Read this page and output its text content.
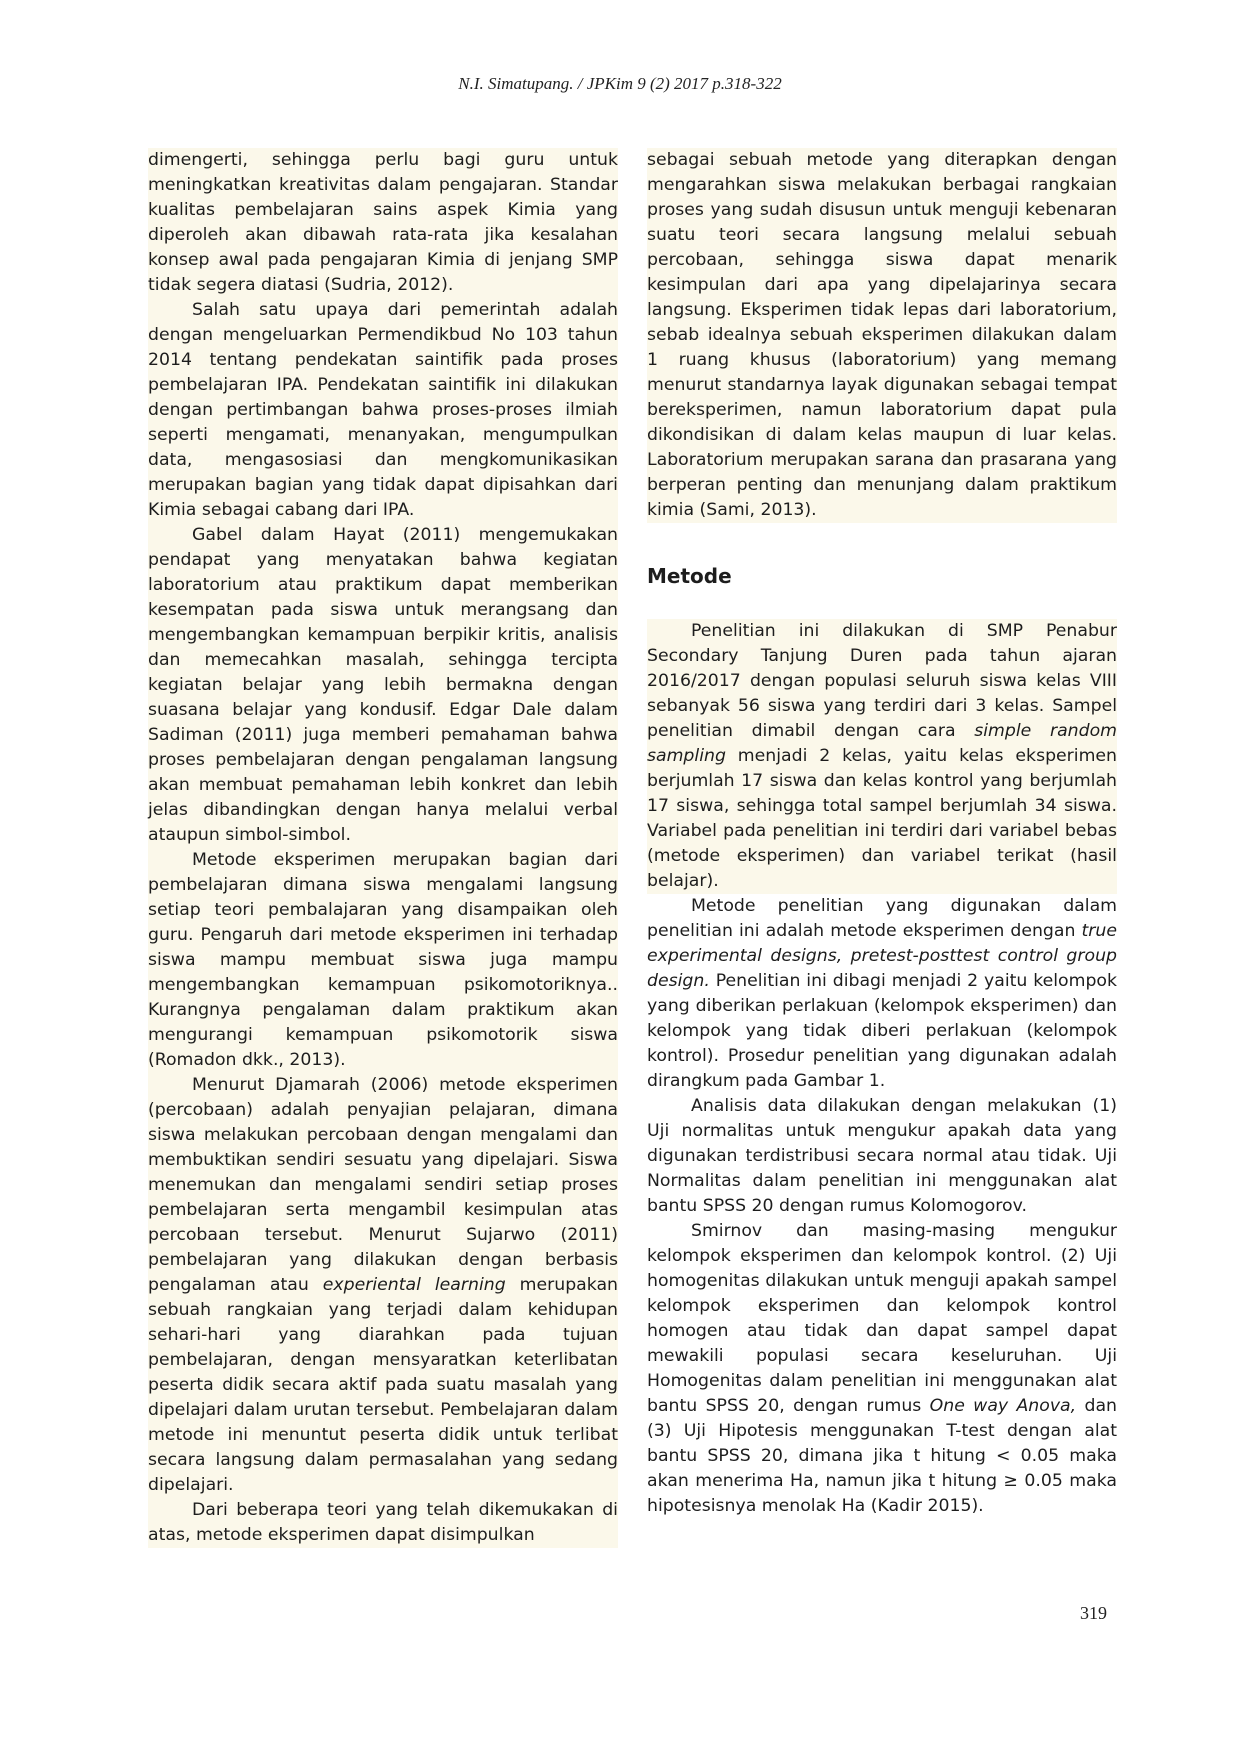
N.I. Simatupang. / JPKim 9 (2) 2017 p.318-322

dimengerti, sehingga perlu bagi guru untuk meningkatkan kreativitas dalam pengajaran. Standar kualitas pembelajaran sains aspek Kimia yang diperoleh akan dibawah rata-rata jika kesalahan konsep awal pada pengajaran Kimia di jenjang SMP tidak segera diatasi (Sudria, 2012).

Salah satu upaya dari pemerintah adalah dengan mengeluarkan Permendikbud No 103 tahun 2014 tentang pendekatan saintifik pada proses pembelajaran IPA. Pendekatan saintifik ini dilakukan dengan pertimbangan bahwa proses-proses ilmiah seperti mengamati, menanyakan, mengumpulkan data, mengasosiasi dan mengkomunikasikan merupakan bagian yang tidak dapat dipisahkan dari Kimia sebagai cabang dari IPA.

Gabel dalam Hayat (2011) mengemukakan pendapat yang menyatakan bahwa kegiatan laboratorium atau praktikum dapat memberikan kesempatan pada siswa untuk merangsang dan mengembangkan kemampuan berpikir kritis, analisis dan memecahkan masalah, sehingga tercipta kegiatan belajar yang lebih bermakna dengan suasana belajar yang kondusif. Edgar Dale dalam Sadiman (2011) juga memberi pemahaman bahwa proses pembelajaran dengan pengalaman langsung akan membuat pemahaman lebih konkret dan lebih jelas dibandingkan dengan hanya melalui verbal ataupun simbol-simbol.

Metode eksperimen merupakan bagian dari pembelajaran dimana siswa mengalami langsung setiap teori pembalajaran yang disampaikan oleh guru. Pengaruh dari metode eksperimen ini terhadap siswa mampu membuat siswa juga mampu mengembangkan kemampuan psikomotoriknya.. Kurangnya pengalaman dalam praktikum akan mengurangi kemampuan psikomotorik siswa (Romadon dkk., 2013).

Menurut Djamarah (2006) metode eksperimen (percobaan) adalah penyajian pelajaran, dimana siswa melakukan percobaan dengan mengalami dan membuktikan sendiri sesuatu yang dipelajari. Siswa menemukan dan mengalami sendiri setiap proses pembelajaran serta mengambil kesimpulan atas percobaan tersebut. Menurut Sujarwo (2011) pembelajaran yang dilakukan dengan berbasis pengalaman atau experiental learning merupakan sebuah rangkaian yang terjadi dalam kehidupan sehari-hari yang diarahkan pada tujuan pembelajaran, dengan mensyaratkan keterlibatan peserta didik secara aktif pada suatu masalah yang dipelajari dalam urutan tersebut. Pembelajaran dalam metode ini menuntut peserta didik untuk terlibat secara langsung dalam permasalahan yang sedang dipelajari.

Dari beberapa teori yang telah dikemukakan di atas, metode eksperimen dapat disimpulkan

sebagai sebuah metode yang diterapkan dengan mengarahkan siswa melakukan berbagai rangkaian proses yang sudah disusun untuk menguji kebenaran suatu teori secara langsung melalui sebuah percobaan, sehingga siswa dapat menarik kesimpulan dari apa yang dipelajarinya secara langsung. Eksperimen tidak lepas dari laboratorium, sebab idealnya sebuah eksperimen dilakukan dalam 1 ruang khusus (laboratorium) yang memang menurut standarnya layak digunakan sebagai tempat bereksperimen, namun laboratorium dapat pula dikondisikan di dalam kelas maupun di luar kelas. Laboratorium merupakan sarana dan prasarana yang berperan penting dan menunjang dalam praktikum kimia (Sami, 2013).

Metode

Penelitian ini dilakukan di SMP Penabur Secondary Tanjung Duren pada tahun ajaran 2016/2017 dengan populasi seluruh siswa kelas VIII sebanyak 56 siswa yang terdiri dari 3 kelas. Sampel penelitian dimabil dengan cara simple random sampling menjadi 2 kelas, yaitu kelas eksperimen berjumlah 17 siswa dan kelas kontrol yang berjumlah 17 siswa, sehingga total sampel berjumlah 34 siswa. Variabel pada penelitian ini terdiri dari variabel bebas (metode eksperimen) dan variabel terikat (hasil belajar).

Metode penelitian yang digunakan dalam penelitian ini adalah metode eksperimen dengan true experimental designs, pretest-posttest control group design. Penelitian ini dibagi menjadi 2 yaitu kelompok yang diberikan perlakuan (kelompok eksperimen) dan kelompok yang tidak diberi perlakuan (kelompok kontrol). Prosedur penelitian yang digunakan adalah dirangkum pada Gambar 1.

Analisis data dilakukan dengan melakukan (1) Uji normalitas untuk mengukur apakah data yang digunakan terdistribusi secara normal atau tidak. Uji Normalitas dalam penelitian ini menggunakan alat bantu SPSS 20 dengan rumus Kolomogorov.

Smirnov dan masing-masing mengukur kelompok eksperimen dan kelompok kontrol. (2) Uji homogenitas dilakukan untuk menguji apakah sampel kelompok eksperimen dan kelompok kontrol homogen atau tidak dan dapat sampel dapat mewakili populasi secara keseluruhan. Uji Homogenitas dalam penelitian ini menggunakan alat bantu SPSS 20, dengan rumus One way Anova, dan (3) Uji Hipotesis menggunakan T-test dengan alat bantu SPSS 20, dimana jika t hitung < 0.05 maka akan menerima Ha, namun jika t hitung ≥ 0.05 maka hipotesisnya menolak Ha (Kadir 2015).

319
